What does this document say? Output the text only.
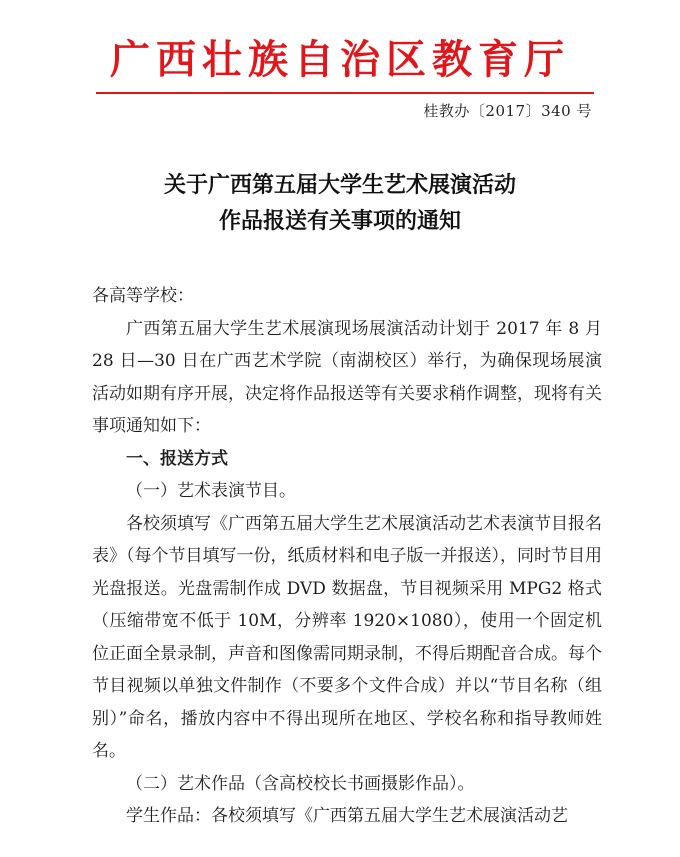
广西壮族自治区教育厅
桂教办〔2017〕340 号
关于广西第五届大学生艺术展演活动
作品报送有关事项的通知

各高等学校：

广西第五届大学生艺术展演现场展演活动计划于 2017 年 8 月 28 日—30 日在广西艺术学院（南湖校区）举行，为确保现场展演活动如期有序开展，决定将作品报送等有关要求稍作调整，现将有关事项通知如下：

一、报送方式

（一）艺术表演节目。

各校须填写《广西第五届大学生艺术展演活动艺术表演节目报名表》（每个节目填写一份，纸质材料和电子版一并报送），同时节目用光盘报送。光盘需制作成 DVD 数据盘，节目视频采用 MPG2 格式（压缩带宽不低于 10M，分辨率 1920×1080），使用一个固定机位正面全景录制，声音和图像需同期录制，不得后期配音合成。每个节目视频以单独文件制作（不要多个文件合成）并以“节目名称（组别）”命名，播放内容中不得出现所在地区、学校名称和指导教师姓名。

（二）艺术作品（含高校校长书画摄影作品）。

学生作品：各校须填写《广西第五届大学生艺术展演活动艺
